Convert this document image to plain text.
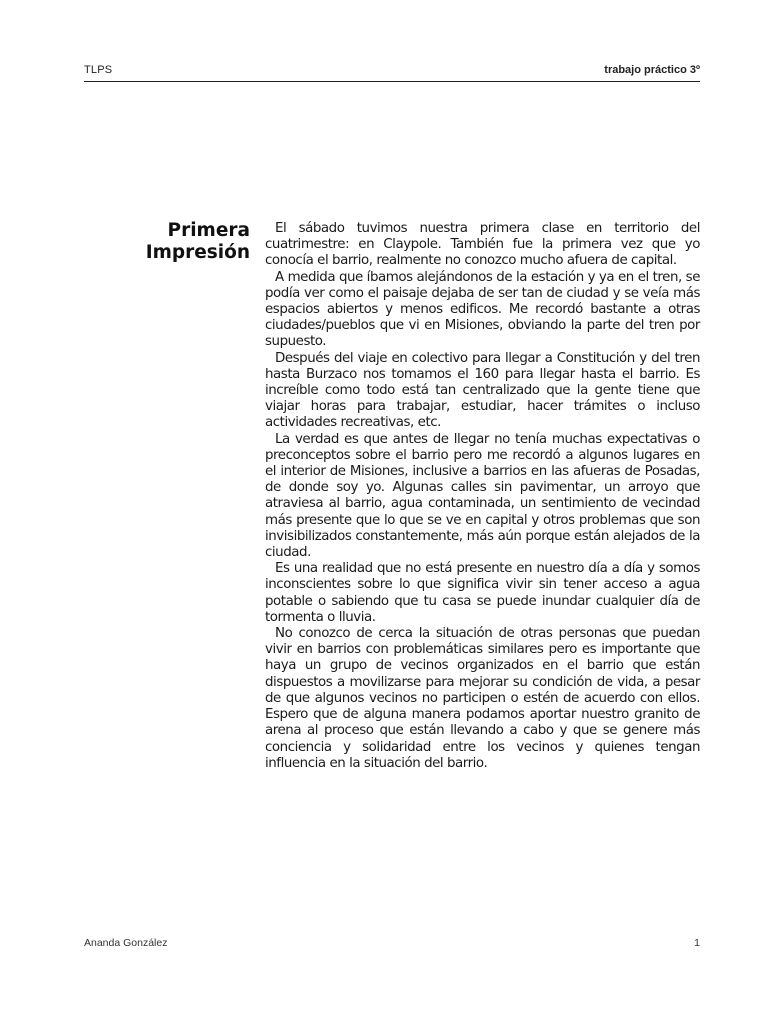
TLPS	trabajo práctico 3º
Primera
Impresión

El sábado tuvimos nuestra primera clase en territorio del cuatrimestre: en Claypole. También fue la primera vez que yo conocía el barrio, realmente no conozco mucho afuera de capital.

A medida que íbamos alejándonos de la estación y ya en el tren, se podía ver como el paisaje dejaba de ser tan de ciudad y se veía más espacios abiertos y menos edificos. Me recordó bastante a otras ciudades/pueblos que vi en Misiones, obviando la parte del tren por supuesto.

Después del viaje en colectivo para llegar a Constitución y del tren hasta Burzaco nos tomamos el 160 para llegar hasta el barrio. Es increíble como todo está tan centralizado que la gente tiene que viajar horas para trabajar, estudiar, hacer trámites o incluso actividades recreativas, etc.

La verdad es que antes de llegar no tenía muchas expectativas o preconceptos sobre el barrio pero me recordó a algunos lugares en el interior de Misiones, inclusive a barrios en las afueras de Posadas, de donde soy yo. Algunas calles sin pavimentar, un arroyo que atraviesa al barrio, agua contaminada, un sentimiento de vecindad más presente que lo que se ve en capital y otros problemas que son invisibilizados constantemente, más aún porque están alejados de la ciudad.

Es una realidad que no está presente en nuestro día a día y somos inconscientes sobre lo que significa vivir sin tener acceso a agua potable o sabiendo que tu casa se puede inundar cualquier día de tormenta o lluvia.

No conozco de cerca la situación de otras personas que puedan vivir en barrios con problemáticas similares pero es importante que haya un grupo de vecinos organizados en el barrio que están dispuestos a movilizarse para mejorar su condición de vida, a pesar de que algunos vecinos no participen o estén de acuerdo con ellos. Espero que de alguna manera podamos aportar nuestro granito de arena al proceso que están llevando a cabo y que se genere más conciencia y solidaridad entre los vecinos y quienes tengan influencia en la situación del barrio.

Ananda González	1
